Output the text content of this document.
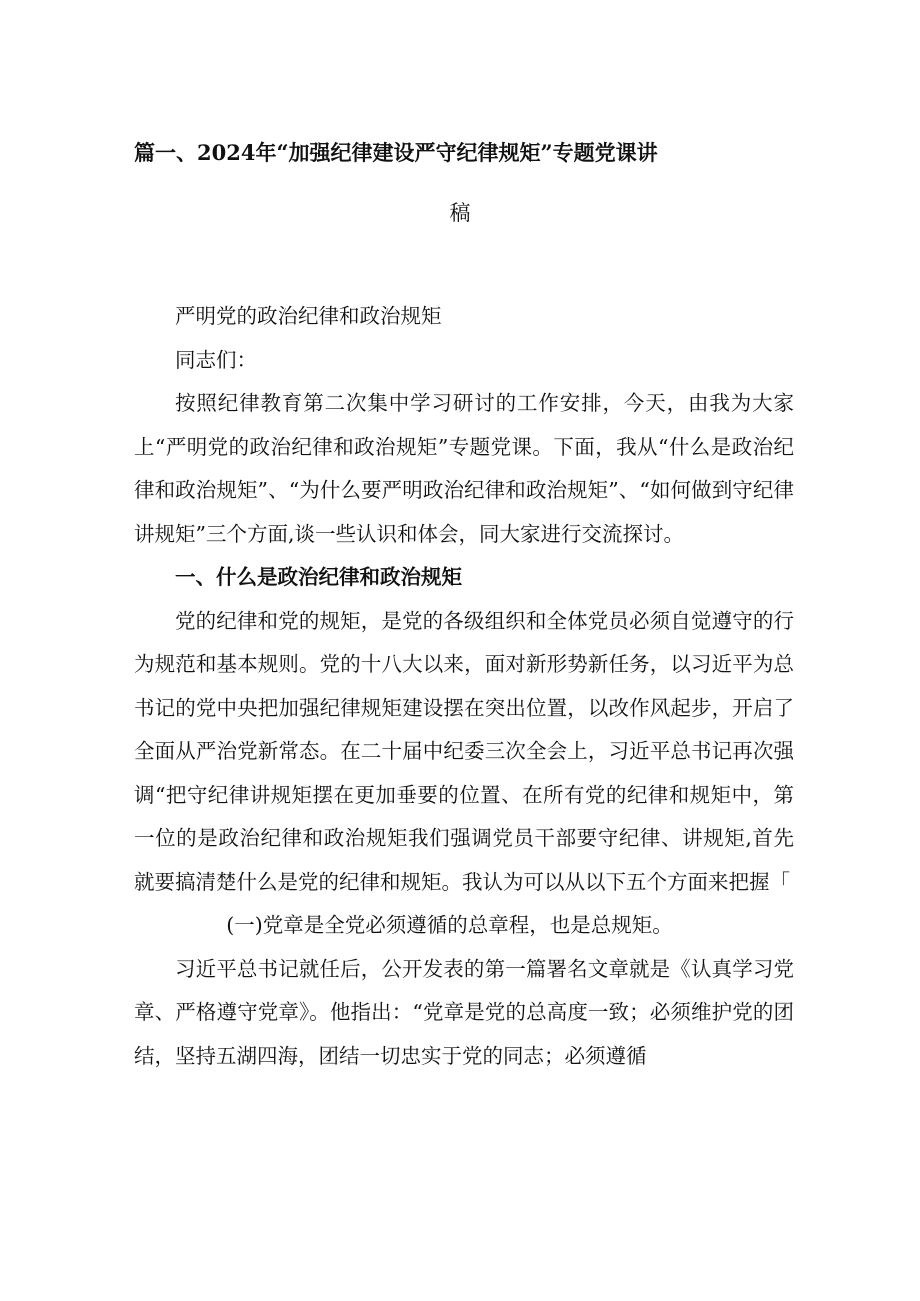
篇一、2024年“加强纪律建设严守纪律规矩”专题党课讲
稿

严明党的政治纪律和政治规矩

同志们：

按照纪律教育第二次集中学习研讨的工作安排，今天，由我为大家上“严明党的政治纪律和政治规矩”专题党课。下面，我从“什么是政治纪律和政治规矩”、“为什么要严明政治纪律和政治规矩”、“如何做到守纪律讲规矩”三个方面,谈一些认识和体会，同大家进行交流探讨。

一、什么是政治纪律和政治规矩

党的纪律和党的规矩，是党的各级组织和全体党员必须自觉遵守的行为规范和基本规则。党的十八大以来，面对新形势新任务，以习近平为总书记的党中央把加强纪律规矩建设摆在突出位置，以改作风起步，开启了全面从严治党新常态。在二十届中纪委三次全会上，习近平总书记再次强调“把守纪律讲规矩摆在更加垂要的位置、在所有党的纪律和规矩中，第一位的是政治纪律和政治规矩我们强调党员干部要守纪律、讲规矩,首先就要搞清楚什么是党的纪律和规矩。我认为可以从以下五个方面来把握「

(一)党章是全党必须遵循的总章程，也是总规矩。

习近平总书记就任后，公开发表的第一篇署名文章就是《认真学习党章、严格遵守党章》。他指出：“党章是党的总高度一致；必须维护党的团结，坚持五湖四海，团结一切忠实于党的同志；必须遵循
